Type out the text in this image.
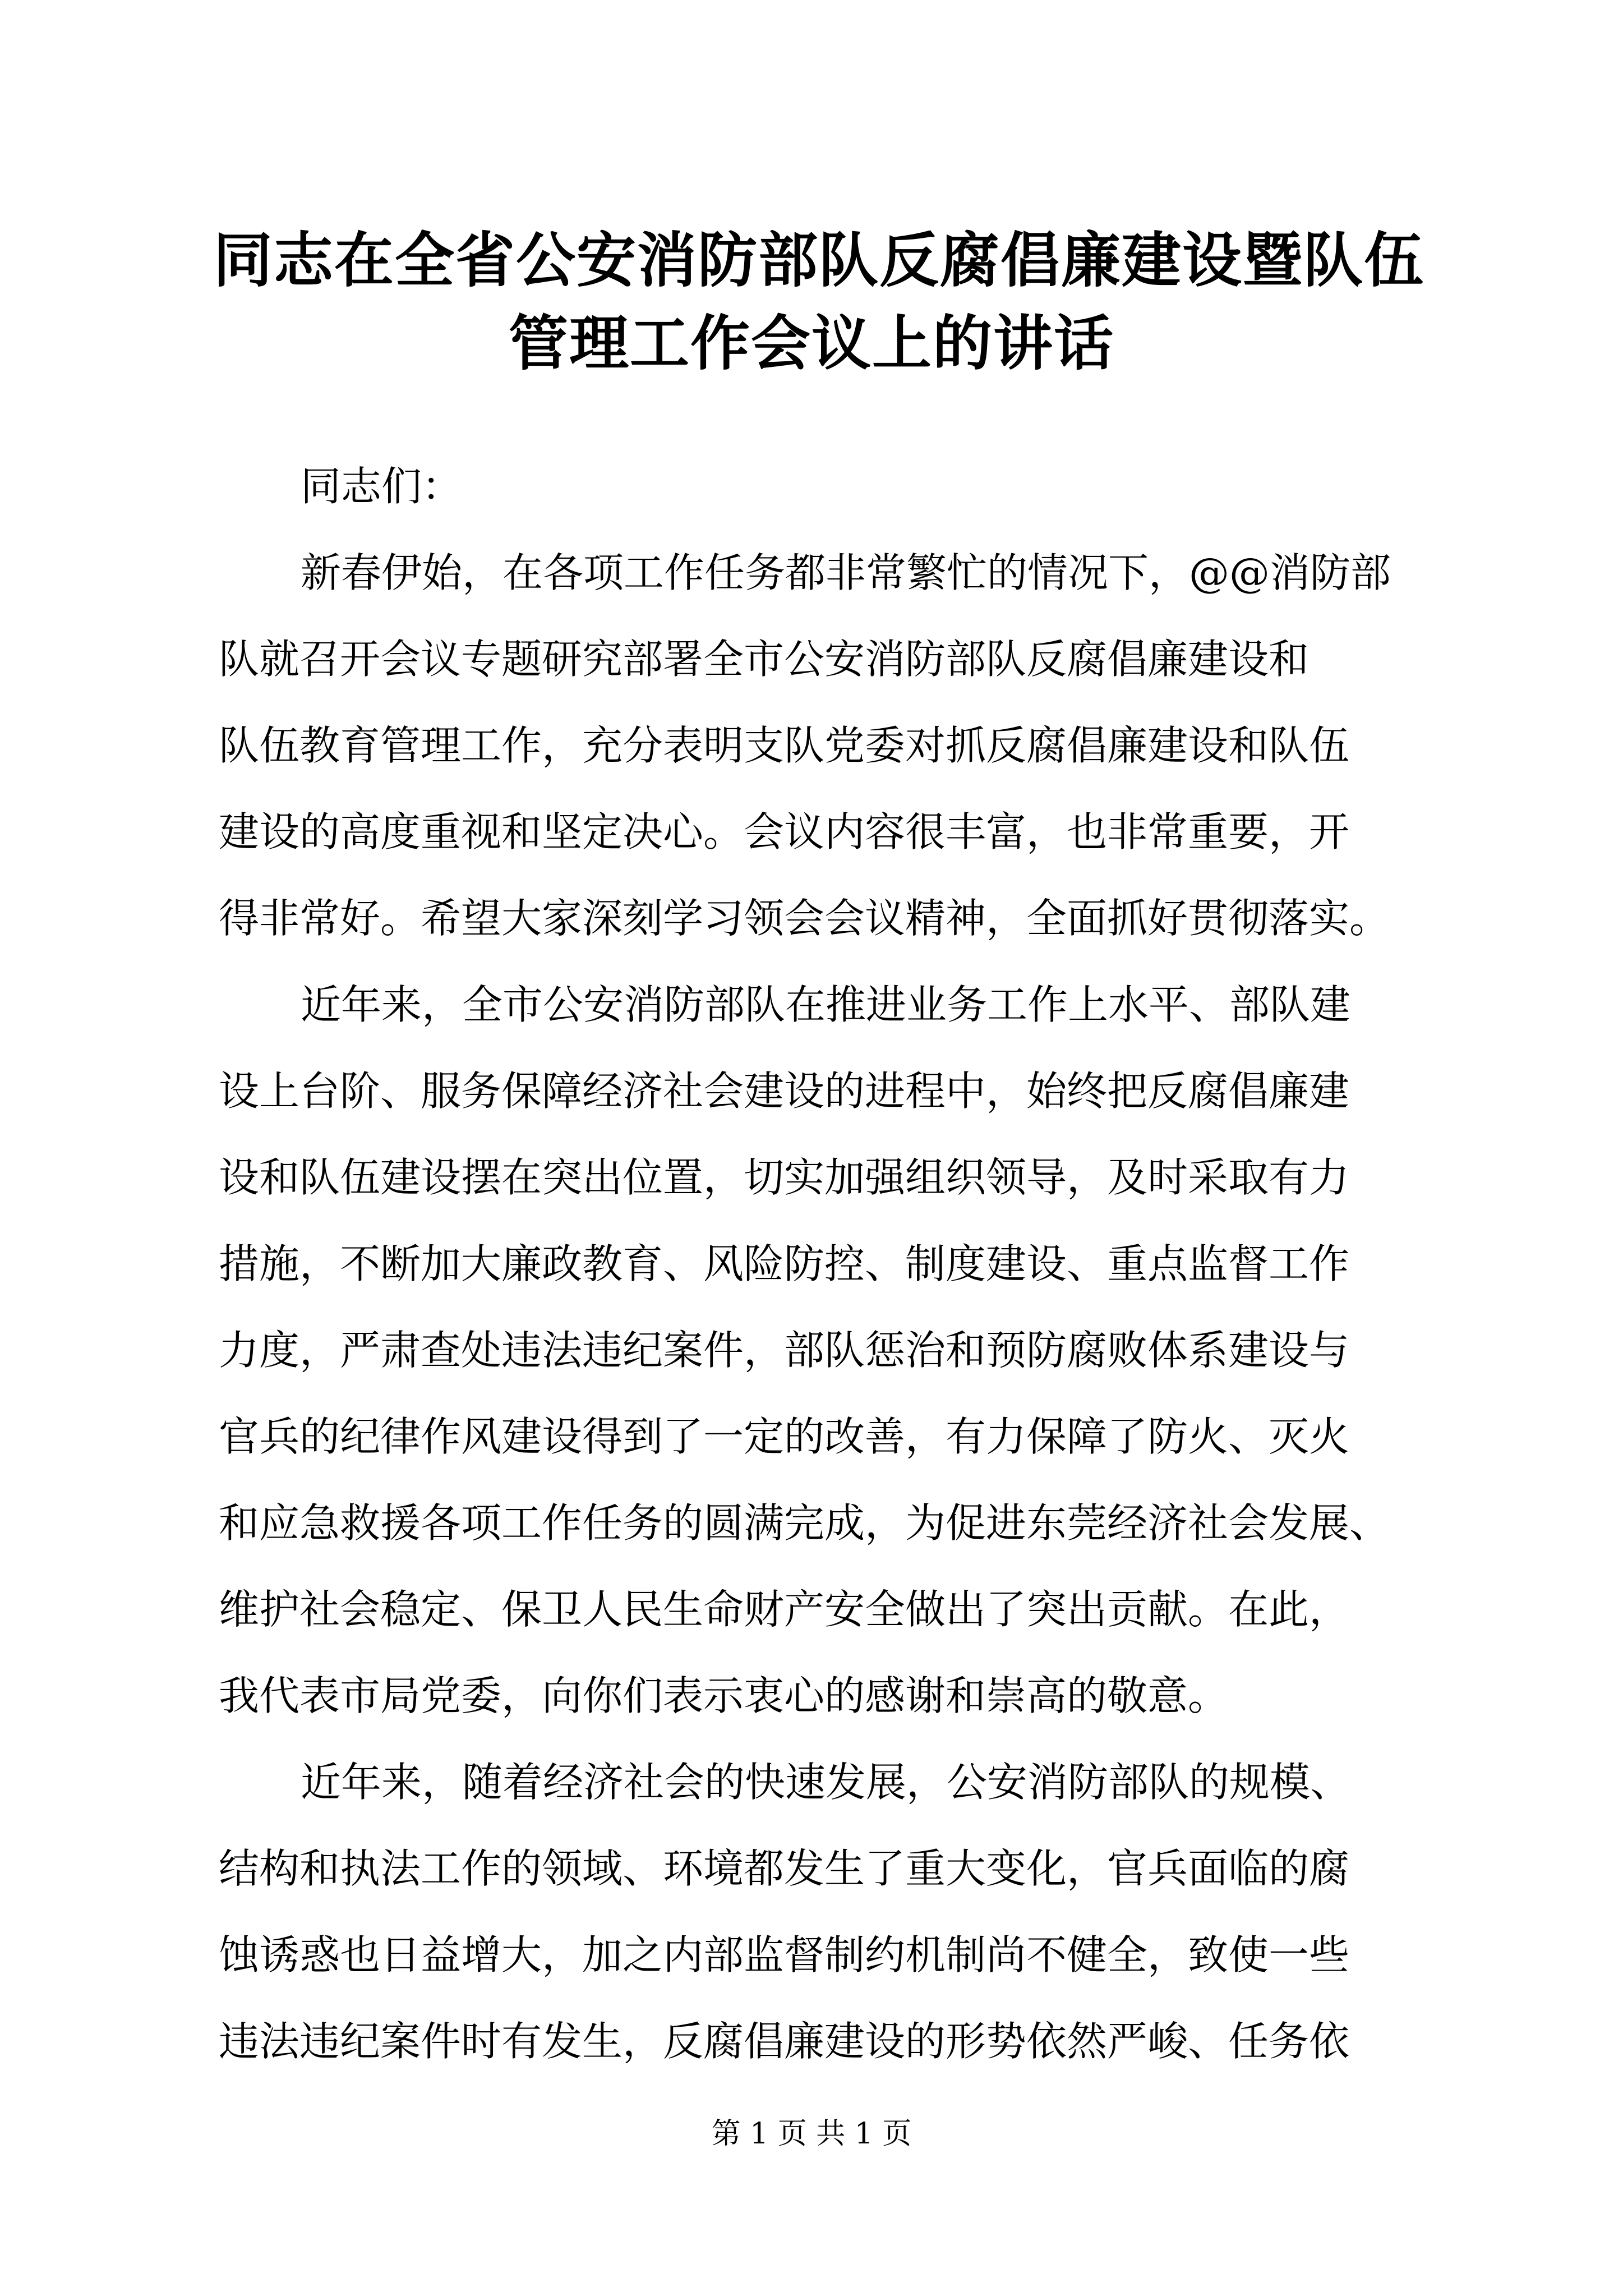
同志在全省公安消防部队反腐倡廉建设暨队伍
管理工作会议上的讲话

同志们：

新春伊始，在各项工作任务都非常繁忙的情况下，@@消防部
队就召开会议专题研究部署全市公安消防部队反腐倡廉建设和
队伍教育管理工作，充分表明支队党委对抓反腐倡廉建设和队伍
建设的高度重视和坚定决心。会议内容很丰富，也非常重要，开
得非常好。希望大家深刻学习领会会议精神，全面抓好贯彻落实。

近年来，全市公安消防部队在推进业务工作上水平、部队建
设上台阶、服务保障经济社会建设的进程中，始终把反腐倡廉建
设和队伍建设摆在突出位置，切实加强组织领导，及时采取有力
措施，不断加大廉政教育、风险防控、制度建设、重点监督工作
力度，严肃查处违法违纪案件，部队惩治和预防腐败体系建设与
官兵的纪律作风建设得到了一定的改善，有力保障了防火、灭火
和应急救援各项工作任务的圆满完成，为促进东莞经济社会发展、
维护社会稳定、保卫人民生命财产安全做出了突出贡献。在此，
我代表市局党委，向你们表示衷心的感谢和崇高的敬意。

近年来，随着经济社会的快速发展，公安消防部队的规模、
结构和执法工作的领域、环境都发生了重大变化，官兵面临的腐
蚀诱惑也日益增大，加之内部监督制约机制尚不健全，致使一些
违法违纪案件时有发生，反腐倡廉建设的形势依然严峻、任务依

第 1 页 共 1 页
